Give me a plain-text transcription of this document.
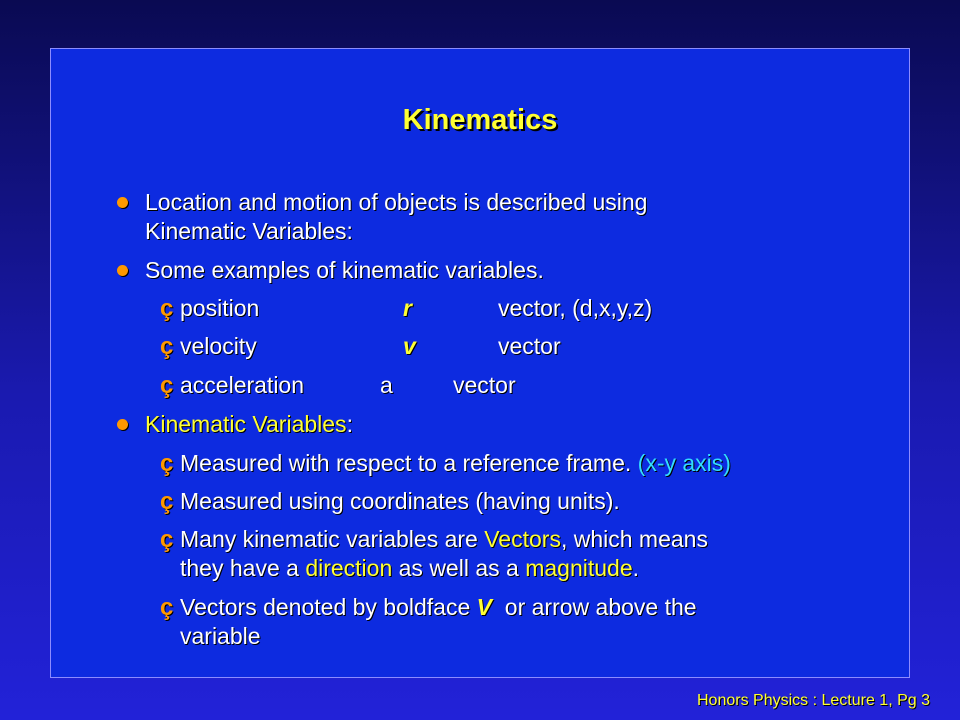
Kinematics
Location and motion of objects is described using
Kinematic Variables:
Some examples of kinematic variables.
ç position	r	vector, (d,x,y,z)
ç velocity	v	vector
ç acceleration	a	vector
Kinematic Variables:
ç Measured with respect to a reference frame. (x-y axis)
ç Measured using coordinates (having units).
ç Many kinematic variables are Vectors, which means
they have a direction as well as a magnitude.
ç Vectors denoted by boldface V  or arrow above the
variable
Honors Physics : Lecture 1, Pg 3
